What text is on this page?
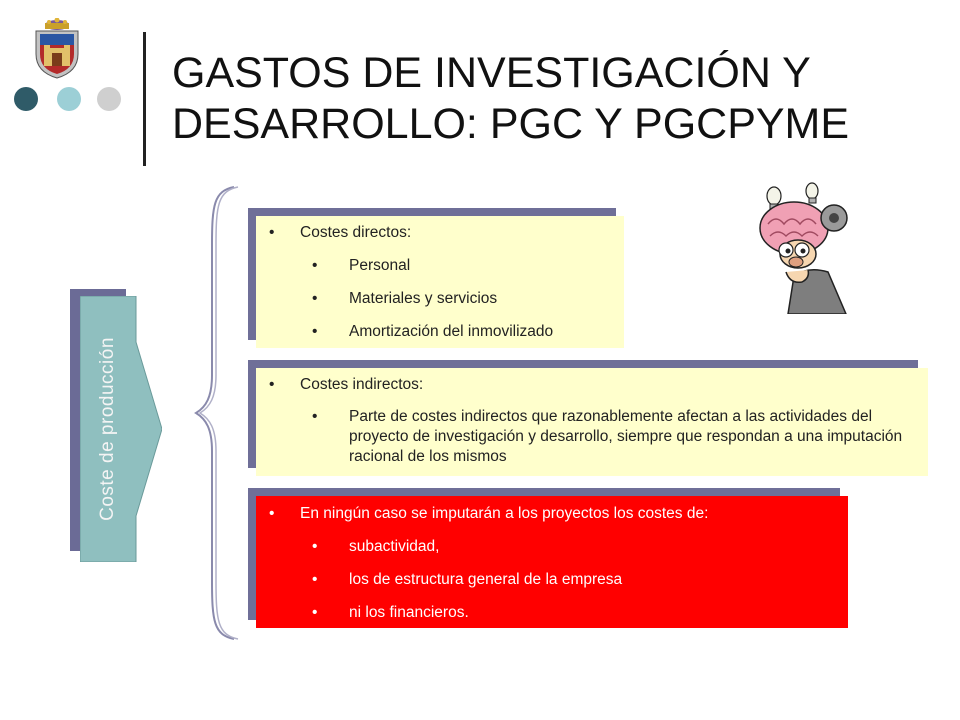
GASTOS DE INVESTIGACIÓN Y
DESARROLLO: PGC Y PGCPYME
Coste de producción
• Costes directos:
• Personal
• Materiales y servicios
• Amortización del inmovilizado
• Costes indirectos:
• Parte de costes indirectos que razonablemente afectan a las actividades del proyecto de investigación y desarrollo, siempre que respondan a una imputación racional de los mismos
• En ningún caso se imputarán a los proyectos los costes de:
• subactividad,
• los de estructura general de la empresa
• ni los financieros.
